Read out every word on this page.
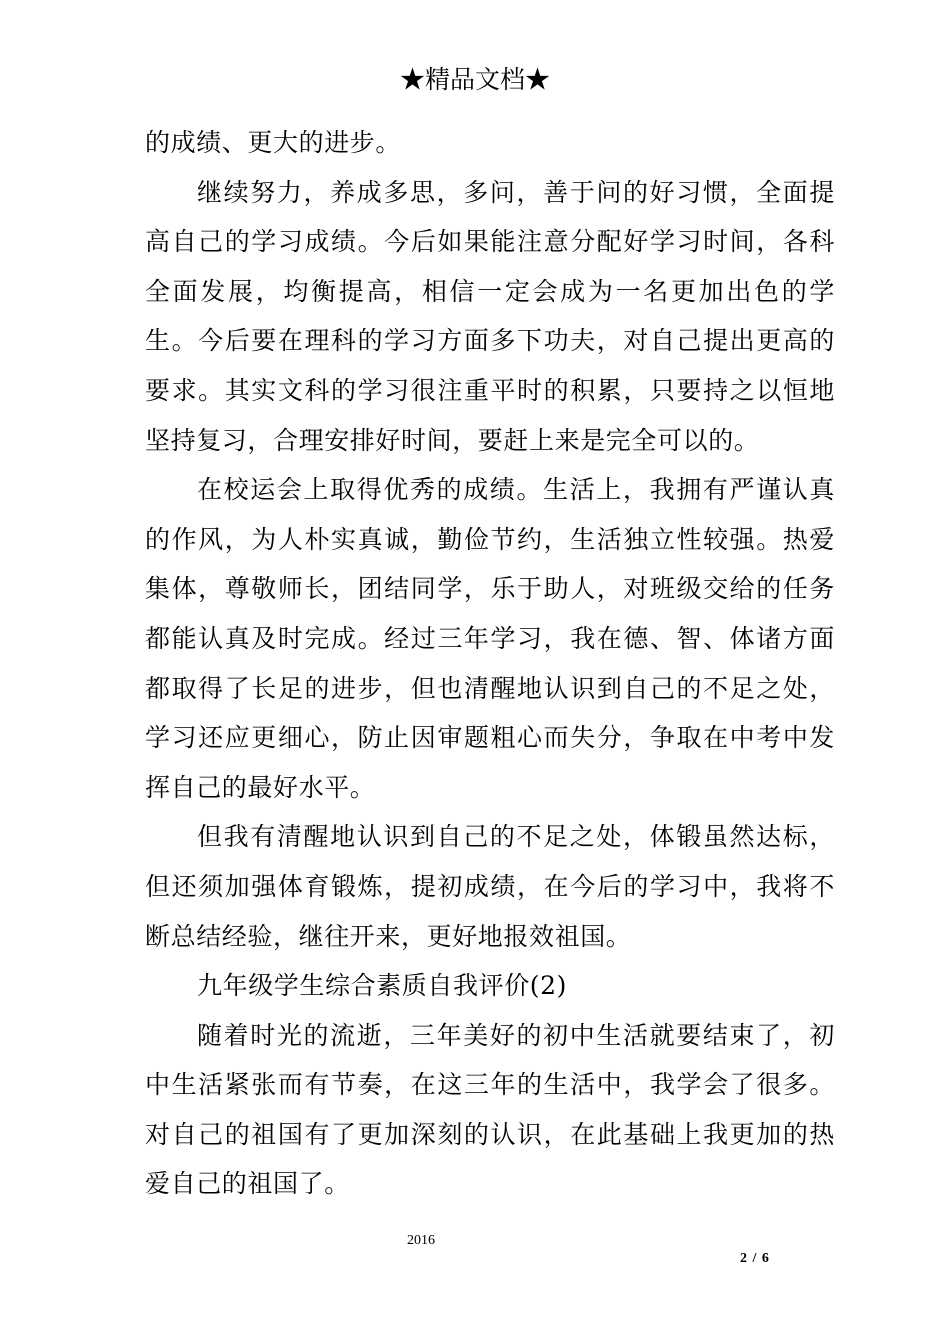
★精品文档★

的成绩、更大的进步。

继续努力，养成多思，多问，善于问的好习惯，全面提高自己的学习成绩。今后如果能注意分配好学习时间，各科全面发展，均衡提高，相信一定会成为一名更加出色的学生。今后要在理科的学习方面多下功夫，对自己提出更高的要求。其实文科的学习很注重平时的积累，只要持之以恒地坚持复习，合理安排好时间，要赶上来是完全可以的。

在校运会上取得优秀的成绩。生活上，我拥有严谨认真的作风，为人朴实真诚，勤俭节约，生活独立性较强。热爱集体，尊敬师长，团结同学，乐于助人，对班级交给的任务都能认真及时完成。经过三年学习，我在德、智、体诸方面都取得了长足的进步，但也清醒地认识到自己的不足之处，学习还应更细心，防止因审题粗心而失分，争取在中考中发挥自己的最好水平。

但我有清醒地认识到自己的不足之处，体锻虽然达标，但还须加强体育锻炼，提初成绩，在今后的学习中，我将不断总结经验，继往开来，更好地报效祖国。

九年级学生综合素质自我评价(2)

随着时光的流逝，三年美好的初中生活就要结束了，初中生活紧张而有节奏，在这三年的生活中，我学会了很多。对自己的祖国有了更加深刻的认识，在此基础上我更加的热爱自己的祖国了。

2016
2 / 6
